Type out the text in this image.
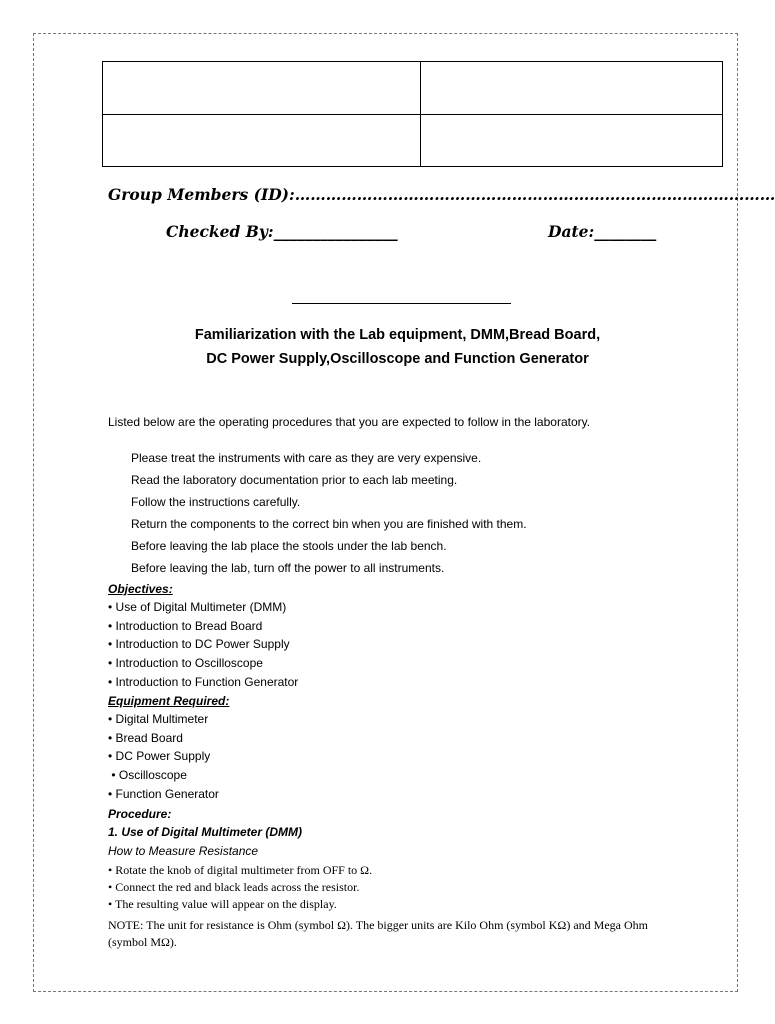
Group Members (ID):…………………………………………………………………………………
Checked By:________________	Date:________
Familiarization with the Lab equipment, DMM,Bread Board,
DC Power Supply,Oscilloscope and Function Generator
Listed below are the operating procedures that you are expected to follow in the laboratory.
Please treat the instruments with care as they are very expensive.
Read the laboratory documentation prior to each lab meeting.
Follow the instructions carefully.
Return the components to the correct bin when you are finished with them.
Before leaving the lab place the stools under the lab bench.
Before leaving the lab, turn off the power to all instruments.
Objectives:
• Use of Digital Multimeter (DMM)
• Introduction to Bread Board
• Introduction to DC Power Supply
• Introduction to Oscilloscope
• Introduction to Function Generator
Equipment Required:
• Digital Multimeter
• Bread Board
• DC Power Supply
• Oscilloscope
• Function Generator
Procedure:
1. Use of Digital Multimeter (DMM)
How to Measure Resistance
• Rotate the knob of digital multimeter from OFF to Ω.
• Connect the red and black leads across the resistor.
• The resulting value will appear on the display.
NOTE: The unit for resistance is Ohm (symbol Ω). The bigger units are Kilo Ohm (symbol KΩ) and Mega Ohm (symbol MΩ).
